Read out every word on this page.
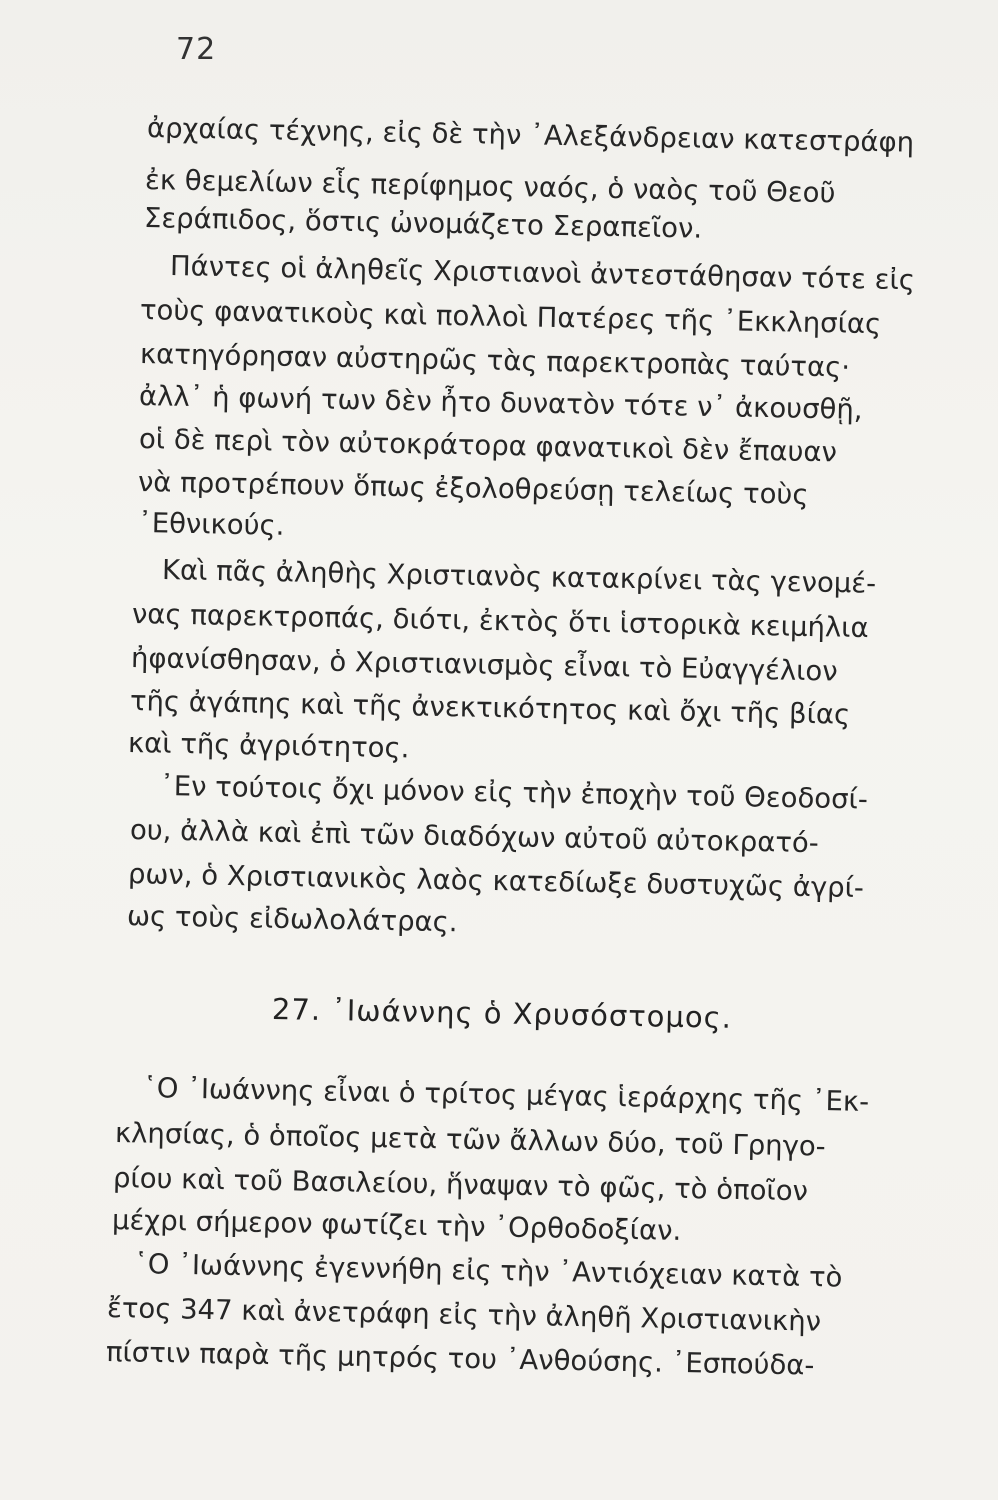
72
ἀρχαίας τέχνης, εἰς δὲ τὴν ᾿Αλεξάνδρειαν κατεστράφη
ἐκ θεμελίων εἷς περίφημος ναός, ὁ ναὸς τοῦ Θεοῦ
Σεράπιδος, ὅστις ὠνομάζετο Σεραπεῖον.
Πάντες οἱ ἀληθεῖς Χριστιανοὶ ἀντεστάθησαν τότε εἰς
τοὺς φανατικοὺς καὶ πολλοὶ Πατέρες τῆς ᾿Εκκλησίας
κατηγόρησαν αὐστηρῶς τὰς παρεκτροπὰς ταύτας·
ἀλλ᾿ ἡ φωνή των δὲν ἦτο δυνατὸν τότε ν᾿ ἀκουσθῇ,
οἱ δὲ περὶ τὸν αὐτοκράτορα φανατικοὶ δὲν ἔπαυαν
νὰ προτρέπουν ὅπως ἐξολοθρεύσῃ τελείως τοὺς
᾿Εθνικούς.
Καὶ πᾶς ἀληθὴς Χριστιανὸς κατακρίνει τὰς γενομέ-
νας παρεκτροπάς, διότι, ἐκτὸς ὅτι ἱστορικὰ κειμήλια
ἠφανίσθησαν, ὁ Χριστιανισμὸς εἶναι τὸ Εὐαγγέλιον
τῆς ἀγάπης καὶ τῆς ἀνεκτικότητος καὶ ὄχι τῆς βίας
καὶ τῆς ἀγριότητος.
᾿Εν τούτοις ὄχι μόνον εἰς τὴν ἐποχὴν τοῦ Θεοδοσί-
ου, ἀλλὰ καὶ ἐπὶ τῶν διαδόχων αὐτοῦ αὐτοκρατό-
ρων, ὁ Χριστιανικὸς λαὸς κατεδίωξε δυστυχῶς ἀγρί-
ως τοὺς εἰδωλολάτρας.
27. ᾿Ιωάννης ὁ Χρυσόστομος.
῾Ο ᾿Ιωάννης εἶναι ὁ τρίτος μέγας ἱεράρχης τῆς ᾿Εκ-
κλησίας, ὁ ὁποῖος μετὰ τῶν ἄλλων δύο, τοῦ Γρηγο-
ρίου καὶ τοῦ Βασιλείου, ἥναψαν τὸ φῶς, τὸ ὁποῖον
μέχρι σήμερον φωτίζει τὴν ᾿Ορθοδοξίαν.
῾Ο ᾿Ιωάννης ἐγεννήθη εἰς τὴν ᾿Αντιόχειαν κατὰ τὸ
ἔτος 347 καὶ ἀνετράφη εἰς τὴν ἀληθῆ Χριστιανικὴν
πίστιν παρὰ τῆς μητρός του ᾿Ανθούσης. ᾿Εσπούδα-
